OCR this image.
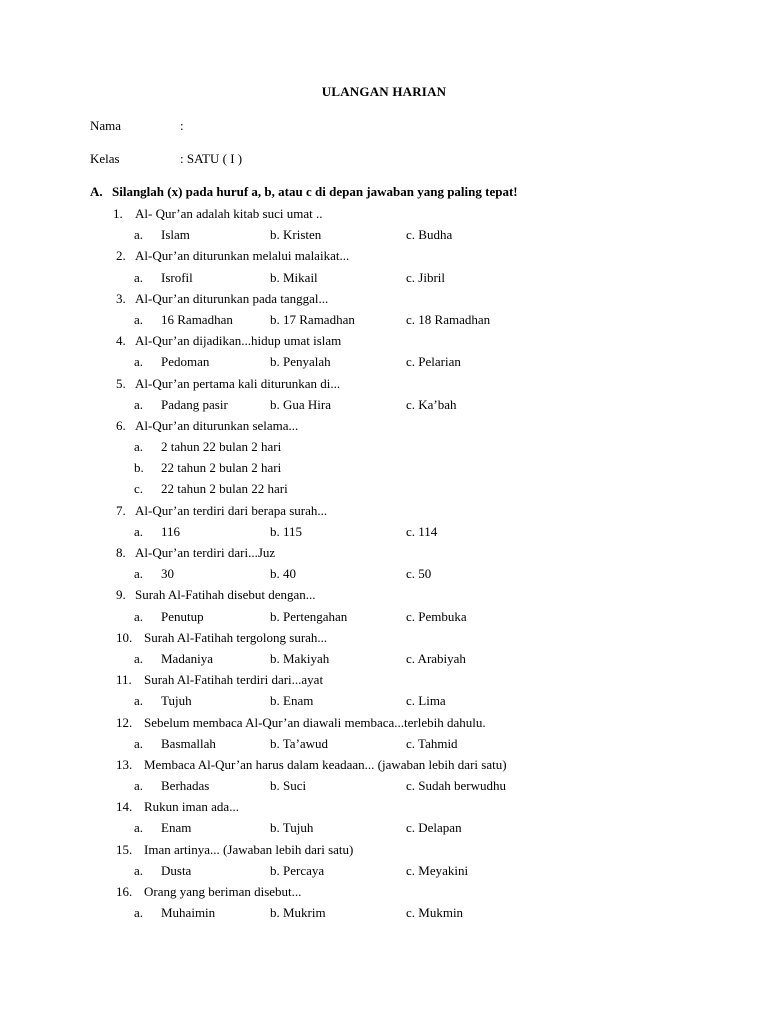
ULANGAN HARIAN
Nama	:
Kelas	: SATU ( I )
A. Silanglah (x) pada huruf a, b, atau c di depan jawaban yang paling tepat!
1. Al- Qur’an adalah kitab suci umat ..
a. Islam	b. Kristen	c. Budha
2. Al-Qur’an diturunkan melalui malaikat...
a. Isrofil	b. Mikail	c. Jibril
3. Al-Qur’an diturunkan pada tanggal...
a. 16 Ramadhan	b. 17 Ramadhan	c. 18 Ramadhan
4. Al-Qur’an dijadikan...hidup umat islam
a. Pedoman	b. Penyalah	c. Pelarian
5. Al-Qur’an pertama kali diturunkan di...
a. Padang pasir	b. Gua Hira	c. Ka’bah
6. Al-Qur’an diturunkan selama...
a. 2 tahun 22 bulan 2 hari
b. 22 tahun 2 bulan 2 hari
c. 22 tahun 2 bulan 22 hari
7. Al-Qur’an terdiri dari berapa surah...
a. 116	b. 115	c. 114
8. Al-Qur’an terdiri dari...Juz
a. 30	b. 40	c. 50
9. Surah Al-Fatihah disebut dengan...
a. Penutup	b. Pertengahan	c. Pembuka
10. Surah Al-Fatihah tergolong surah...
a. Madaniya	b. Makiyah	c. Arabiyah
11. Surah Al-Fatihah terdiri dari...ayat
a. Tujuh	b. Enam	c. Lima
12. Sebelum membaca Al-Qur’an diawali membaca...terlebih dahulu.
a. Basmallah	b. Ta’awud	c. Tahmid
13. Membaca Al-Qur’an harus dalam keadaan... (jawaban lebih dari satu)
a. Berhadas	b. Suci	c. Sudah berwudhu
14. Rukun iman ada...
a. Enam	b. Tujuh	c. Delapan
15. Iman artinya... (Jawaban lebih dari satu)
a. Dusta	b. Percaya	c. Meyakini
16. Orang yang beriman disebut...
a. Muhaimin	b. Mukrim	c. Mukmin
